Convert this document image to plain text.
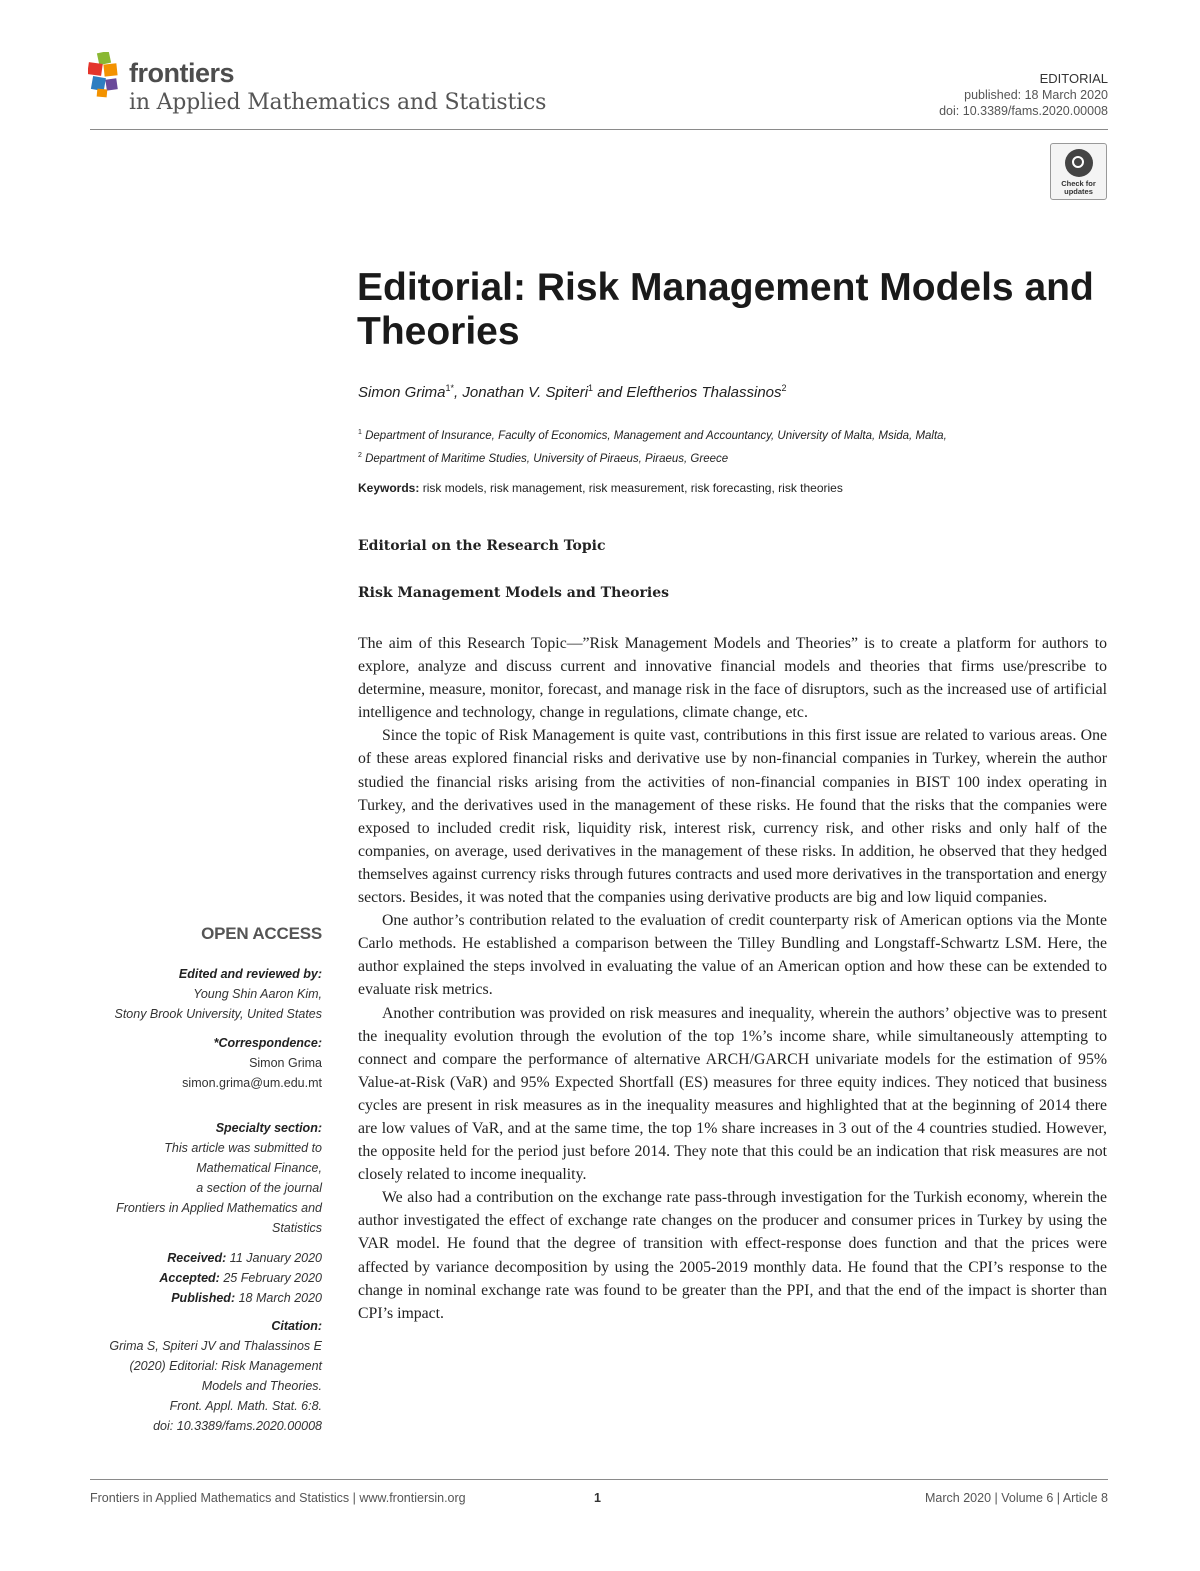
frontiers
in Applied Mathematics and Statistics
EDITORIAL
published: 18 March 2020
doi: 10.3389/fams.2020.00008
Check for updates
Editorial: Risk Management Models and Theories
Simon Grima$^{1*}$, Jonathan V. Spiteri$^1$ and Eleftherios Thalassinos$^2$
$^1$ Department of Insurance, Faculty of Economics, Management and Accountancy, University of Malta, Msida, Malta,
$^2$ Department of Maritime Studies, University of Piraeus, Piraeus, Greece
Keywords: risk models, risk management, risk measurement, risk forecasting, risk theories
Editorial on the Research Topic
Risk Management Models and Theories

The aim of this Research Topic—”Risk Management Models and Theories” is to create a platform for authors to explore, analyze and discuss current and innovative financial models and theories that firms use/prescribe to determine, measure, monitor, forecast, and manage risk in the face of disruptors, such as the increased use of artificial intelligence and technology, change in regulations, climate change, etc.

Since the topic of Risk Management is quite vast, contributions in this first issue are related to various areas. One of these areas explored financial risks and derivative use by non-financial companies in Turkey, wherein the author studied the financial risks arising from the activities of non-financial companies in BIST 100 index operating in Turkey, and the derivatives used in the management of these risks. He found that the risks that the companies were exposed to included credit risk, liquidity risk, interest risk, currency risk, and other risks and only half of the companies, on average, used derivatives in the management of these risks. In addition, he observed that they hedged themselves against currency risks through futures contracts and used more derivatives in the transportation and energy sectors. Besides, it was noted that the companies using derivative products are big and low liquid companies.

One author’s contribution related to the evaluation of credit counterparty risk of American options via the Monte Carlo methods. He established a comparison between the Tilley Bundling and Longstaff-Schwartz LSM. Here, the author explained the steps involved in evaluating the value of an American option and how these can be extended to evaluate risk metrics.

Another contribution was provided on risk measures and inequality, wherein the authors’ objective was to present the inequality evolution through the evolution of the top 1%’s income share, while simultaneously attempting to connect and compare the performance of alternative ARCH/GARCH univariate models for the estimation of 95% Value-at-Risk (VaR) and 95% Expected Shortfall (ES) measures for three equity indices. They noticed that business cycles are present in risk measures as in the inequality measures and highlighted that at the beginning of 2014 there are low values of VaR, and at the same time, the top 1% share increases in 3 out of the 4 countries studied. However, the opposite held for the period just before 2014. They note that this could be an indication that risk measures are not closely related to income inequality.

We also had a contribution on the exchange rate pass-through investigation for the Turkish economy, wherein the author investigated the effect of exchange rate changes on the producer and consumer prices in Turkey by using the VAR model. He found that the degree of transition with effect-response does function and that the prices were affected by variance decomposition by using the 2005-2019 monthly data. He found that the CPI’s response to the change in nominal exchange rate was found to be greater than the PPI, and that the end of the impact is shorter than CPI’s impact.

OPEN ACCESS
Edited and reviewed by:
Young Shin Aaron Kim,
Stony Brook University, United States
*Correspondence:
Simon Grima
simon.grima@um.edu.mt
Specialty section:
This article was submitted to
Mathematical Finance,
a section of the journal
Frontiers in Applied Mathematics and
Statistics
Received: 11 January 2020
Accepted: 25 February 2020
Published: 18 March 2020
Citation:
Grima S, Spiteri JV and Thalassinos E
(2020) Editorial: Risk Management
Models and Theories.
Front. Appl. Math. Stat. 6:8.
doi: 10.3389/fams.2020.00008
Frontiers in Applied Mathematics and Statistics | www.frontiersin.org	1	March 2020 | Volume 6 | Article 8
